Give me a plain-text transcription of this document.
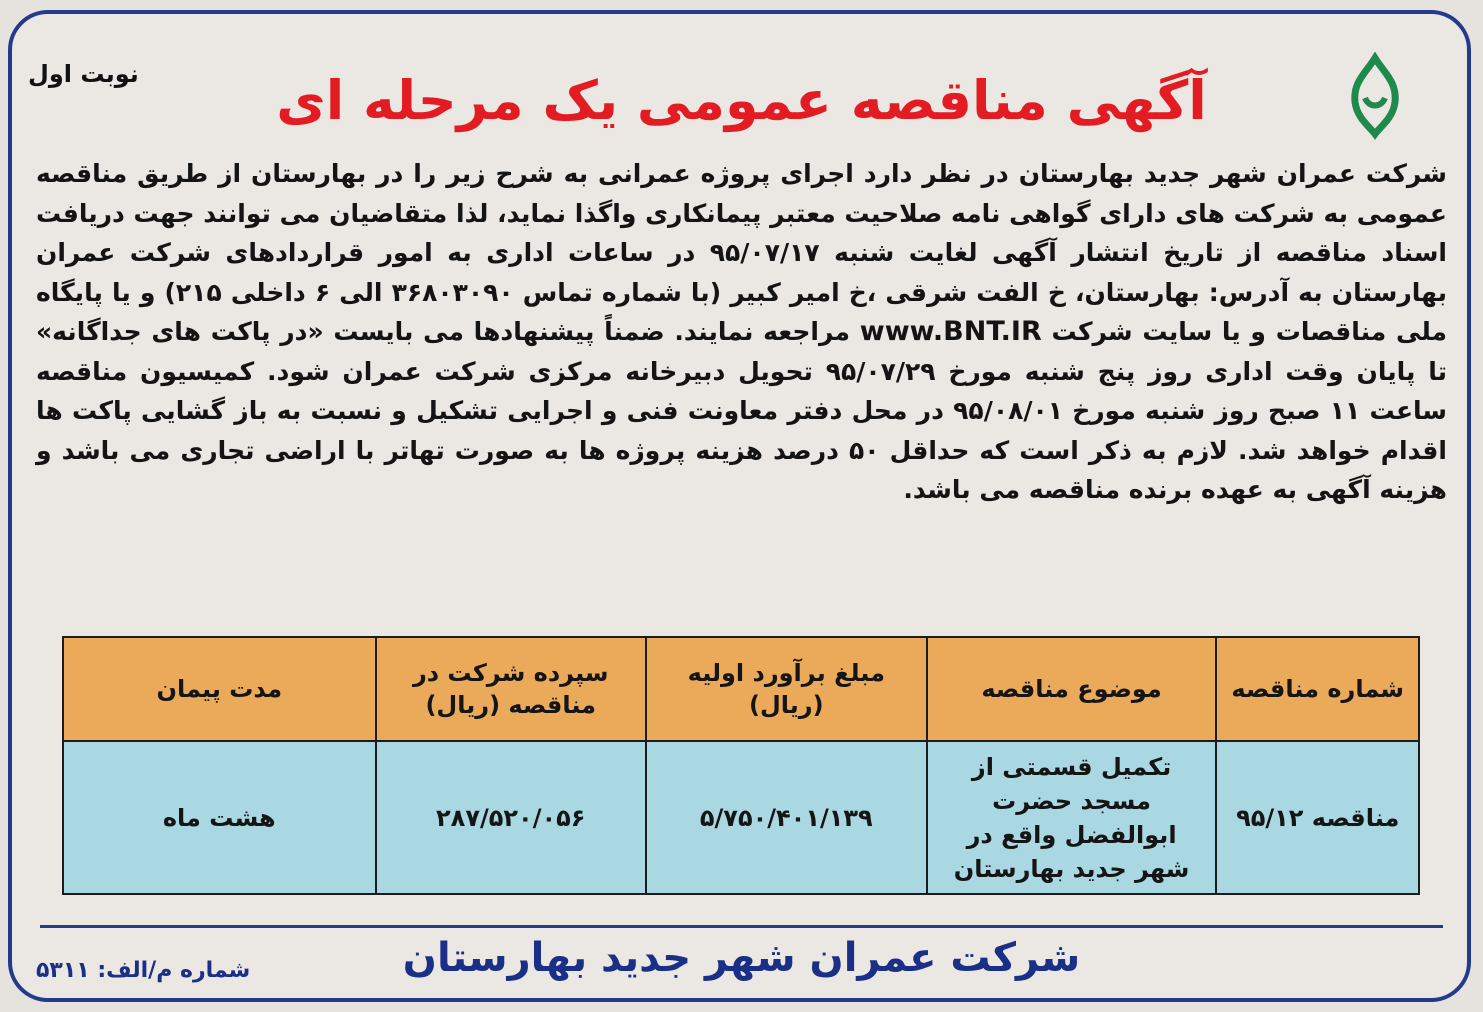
نوبت اول	آگهی مناقصه عمومی یک مرحله ای
شرکت عمران شهر جدید بهارستان در نظر دارد اجرای پروژه عمرانی به شرح زیر را در بهارستان از طریق مناقصه عمومی به شرکت های دارای گواهی نامه صلاحیت معتبر پیمانکاری واگذا نماید، لذا متقاضیان می توانند جهت دریافت اسناد مناقصه از تاریخ انتشار آگهی لغایت شنبه ۹۵/۰۷/۱۷ در ساعات اداری به امور قراردادهای شرکت عمران بهارستان به آدرس: بهارستان، خ الفت شرقی ،خ امیر کبیر (با شماره تماس ۳۶۸۰۳۰۹۰ الی ۶ داخلی ۲۱۵) و یا پایگاه ملی مناقصات و یا سایت شرکت www.BNT.IR مراجعه نمایند. ضمناً پیشنهادها می بایست «در پاکت های جداگانه» تا پایان وقت اداری روز پنج شنبه مورخ ۹۵/۰۷/۲۹ تحویل دبیرخانه مرکزی شرکت عمران شود. کمیسیون مناقصه ساعت ۱۱ صبح روز شنبه مورخ ۹۵/۰۸/۰۱ در محل دفتر معاونت فنی و اجرایی تشکیل و نسبت به باز گشایی پاکت ها اقدام خواهد شد. لازم به ذکر است که حداقل ۵۰ درصد هزینه پروژه ها به صورت تهاتر با اراضی تجاری می باشد و هزینه آگهی به عهده برنده مناقصه می باشد.
شماره مناقصه	موضوع مناقصه	مبلغ برآورد اولیه (ریال)	سپرده شرکت در مناقصه (ریال)	مدت پیمان
مناقصه ۹۵/۱۲	تکمیل قسمتی از مسجد حضرت ابوالفضل واقع در شهر جدید بهارستان	۵/۷۵۰/۴۰۱/۱۳۹	۲۸۷/۵۲۰/۰۵۶	هشت ماه
شرکت عمران شهر جدید بهارستان
شماره م/الف: ۵۳۱۱
